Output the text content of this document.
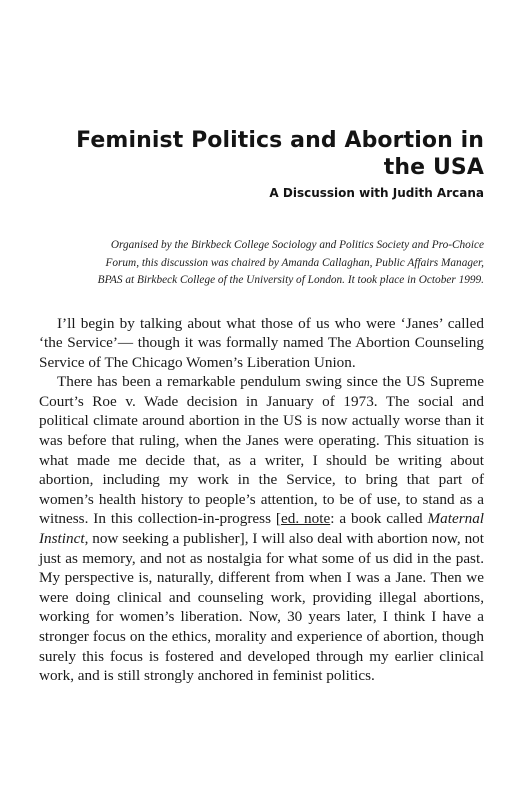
Feminist Politics and Abortion in
the USA
A Discussion with Judith Arcana
Organised by the Birkbeck College Sociology and Politics Society and Pro-Choice
Forum, this discussion was chaired by Amanda Callaghan, Public Affairs Manager,
BPAS at Birkbeck College of the University of London. It took place in October 1999.

I’ll begin by talking about what those of us who were ‘Janes’ called ‘the Service’— though it was formally named The Abortion Counseling Service of The Chicago Women’s Liberation Union.

There has been a remarkable pendulum swing since the US Supreme Court’s Roe v. Wade decision in January of 1973. The social and political climate around abortion in the US is now actually worse than it was before that ruling, when the Janes were operating. This situation is what made me decide that, as a writer, I should be writing about abortion, including my work in the Service, to bring that part of women’s health history to people’s attention, to be of use, to stand as a witness. In this collection-in-progress [ed. note: a book called Maternal Instinct, now seeking a publisher], I will also deal with abortion now, not just as memory, and not as nostalgia for what some of us did in the past. My perspective is, naturally, different from when I was a Jane. Then we were doing clinical and counseling work, providing illegal abortions, working for women’s liberation. Now, 30 years later, I think I have a stronger focus on the ethics, morality and experience of abortion, though surely this focus is fostered and developed through my earlier clinical work, and is still strongly anchored in feminist politics.
